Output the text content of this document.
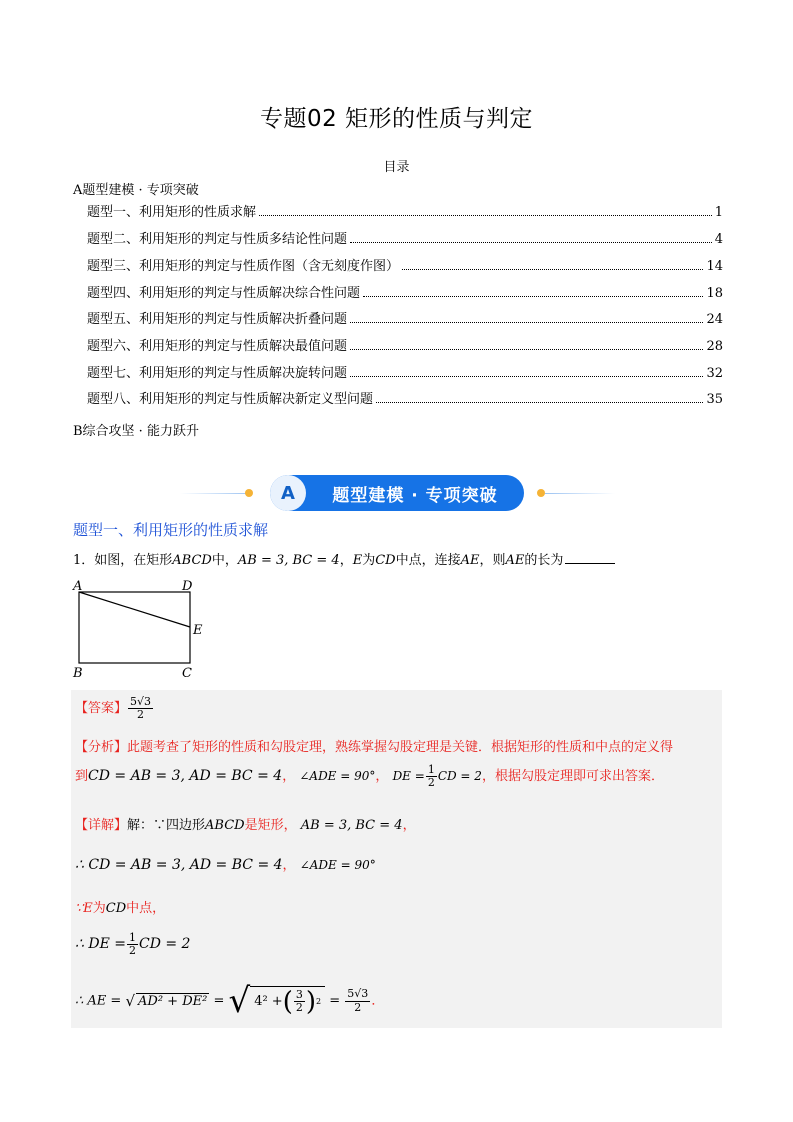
专题02 矩形的性质与判定
目录
A题型建模 · 专项突破
题型一、利用矩形的性质求解	1
题型二、利用矩形的判定与性质多结论性问题	4
题型三、利用矩形的判定与性质作图（含无刻度作图）	14
题型四、利用矩形的判定与性质解决综合性问题	18
题型五、利用矩形的判定与性质解决折叠问题	24
题型六、利用矩形的判定与性质解决最值问题	28
题型七、利用矩形的判定与性质解决旋转问题	32
题型八、利用矩形的判定与性质解决新定义型问题	35
B综合攻坚 · 能力跃升
A	题型建模 · 专项突破
题型一、利用矩形的性质求解
1．如图，在矩形ABCD中，AB = 3, BC = 4，E为CD中点，连接AE，则AE的长为
A	D
E
B	C
【答案】 $\frac{5√3}{2}$
【分析】此题考查了矩形的性质和勾股定理，熟练掌握勾股定理是关键．根据矩形的性质和中点的定义得
到CD = AB = 3, AD = BC = 4， ∠ADE = 90°， DE = $\frac{1}{2}$ CD = 2，根据勾股定理即可求出答案．
【详解】解：∵四边形ABCD是矩形， AB = 3, BC = 4，
∴ CD = AB = 3, AD = BC = 4， ∠ADE = 90°
∵E为CD中点，
∴ DE = $\frac{1}{2}$ CD = 2
∴ AE = √ AD² + DE² = √ 4² + ( $\frac{3}{2}$ ) $2 = \frac{5√3}{2}$ ．
